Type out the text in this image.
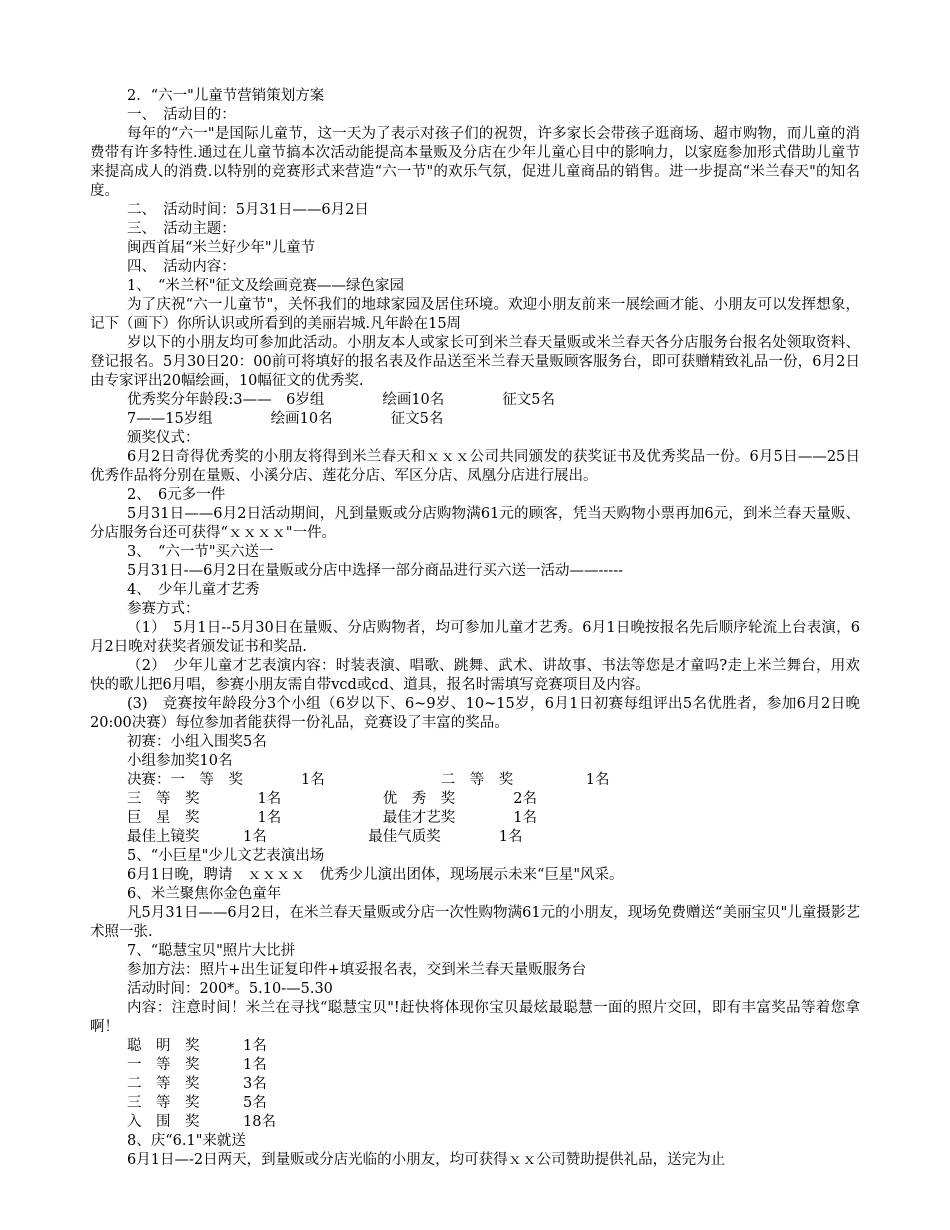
2．“六一"儿童节营销策划方案
一、　活动目的：

每年的“六一"是国际儿童节，这一天为了表示对孩子们的祝贺，许多家长会带孩子逛商场、超市购物，而儿童的消费带有许多特性.通过在儿童节搞本次活动能提高本量贩及分店在少年儿童心目中的影响力，以家庭参加形式借助儿童节来提高成人的消费.以特别的竞赛形式来营造“六一节"的欢乐气氛，促进儿童商品的销售。进一步提高“米兰春天"的知名度。

二、　活动时间：5月31日——6月2日
三、　活动主题：
闽西首届“米兰好少年"儿童节
四、　活动内容：
1、　“米兰杯"征文及绘画竞赛——绿色家园

为了庆祝“六一儿童节"，关怀我们的地球家园及居住环境。欢迎小朋友前来一展绘画才能、小朋友可以发挥想象，记下（画下）你所认识或所看到的美丽岩城.凡年龄在15周

岁以下的小朋友均可参加此活动。小朋友本人或家长可到米兰春天量贩或米兰春天各分店服务台报名处领取资料、登记报名。5月30日20：00前可将填好的报名表及作品送至米兰春天量贩顾客服务台，即可获赠精致礼品一份，6月2日由专家评出20幅绘画，10幅征文的优秀奖.

优秀奖分年龄段:3——　6岁组　　　　绘画10名　　　　征文5名
7——15岁组　　　　绘画10名　　　　征文5名
颁奖仪式：

6月2日奇得优秀奖的小朋友将得到米兰春天和ｘｘｘ公司共同颁发的获奖证书及优秀奖品一份。6月5日——25日优秀作品将分别在量贩、小溪分店、莲花分店、军区分店、凤凰分店进行展出。

2、　6元多一件

5月31日——6月2日活动期间，凡到量贩或分店购物满61元的顾客，凭当天购物小票再加6元，到米兰春天量贩、分店服务台还可获得“ｘｘｘｘ"一件。

3、　“六一节"买六送一
5月31日-—6月2日在量贩或分店中选择一部分商品进行买六送一活动——-----
4、　少年儿童才艺秀
参赛方式：

（1）　5月1日--5月30日在量贩、分店购物者，均可参加儿童才艺秀。6月1日晚按报名先后顺序轮流上台表演，6月2日晚对获奖者颁发证书和奖品.

（2）　少年儿童才艺表演内容：时装表演、唱歌、跳舞、武术、讲故事、书法等您是才童吗?走上米兰舞台，用欢快的歌儿把6月唱，参赛小朋友需自带vcd或cd、道具，报名时需填写竞赛项目及内容。

(3)　竞赛按年龄段分3个小组（6岁以下、6~9岁、10~15岁，6月1日初赛每组评出5名优胜者，参加6月2日晚20:00决赛）每位参加者能获得一份礼品，竞赛设了丰富的奖品。

初赛：小组入围奖5名
小组参加奖10名
决赛：一　等　奖　　　　1名　　　　　　　　二　等　奖　　　　　1名
三　等　奖　　　　1名　　　　　　　优　秀　奖　　　　2名
巨　星　奖　　　　1名　　　　　　　最佳才艺奖　　　　1名
最佳上镜奖　　　1名　　　　　　　最佳气质奖　　　　1名
5、“小巨星"少儿文艺表演出场
6月1日晚，聘请　ｘｘｘｘ　优秀少儿演出团体，现场展示未来“巨星"风采。
6、米兰聚焦你金色童年

凡5月31日——6月2日，在米兰春天量贩或分店一次性购物满61元的小朋友，现场免费赠送“美丽宝贝"儿童摄影艺术照一张.

7、“聪慧宝贝"照片大比拼
参加方法：照片+出生证复印件+填妥报名表，交到米兰春天量贩服务台
活动时间：200*。5.10-—5.30

内容：注意时间！米兰在寻找“聪慧宝贝"!赶快将体现你宝贝最炫最聪慧一面的照片交回，即有丰富奖品等着您拿啊！

聪　明　奖　　　1名
一　等　奖　　　1名
二　等　奖　　　3名
三　等　奖　　　5名
入　围　奖　　　18名
8、庆“6.1"来就送
6月1日—-2日两天，到量贩或分店光临的小朋友，均可获得ｘｘ公司赞助提供礼品，送完为止
